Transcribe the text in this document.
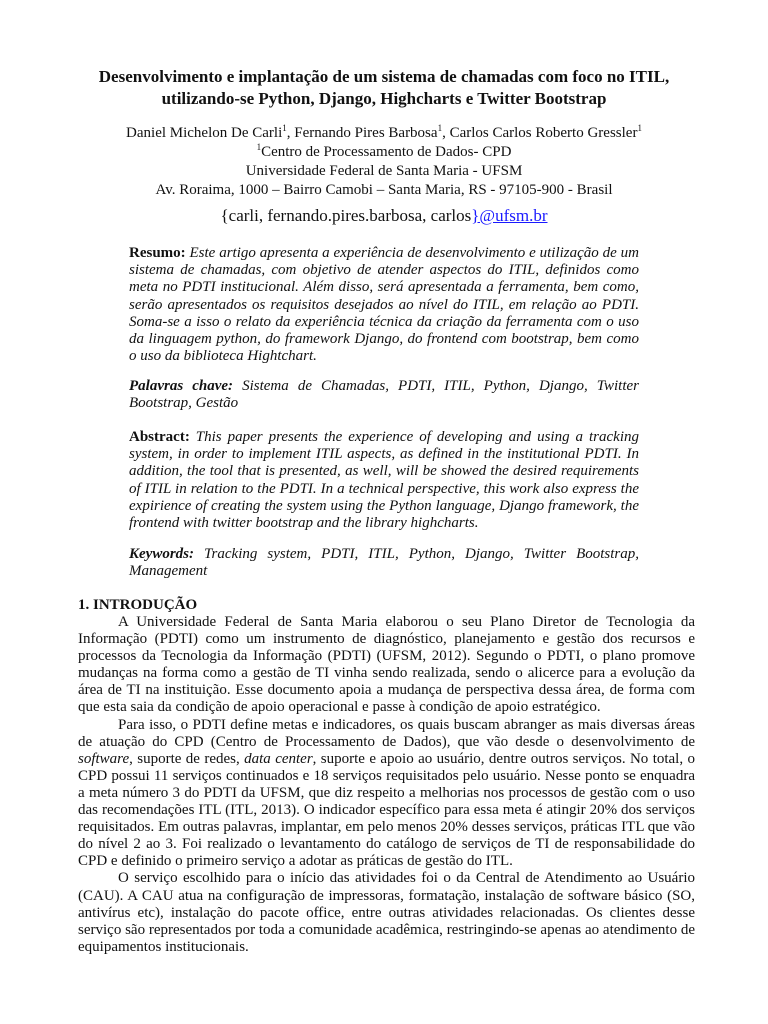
Desenvolvimento e implantação de um sistema de chamadas com foco no ITIL,
utilizando-se Python, Django, Highcharts e Twitter Bootstrap
Daniel Michelon De Carli$^1$, Fernando Pires Barbosa$^1$, Carlos Carlos Roberto Gressler$^1$
$^1$Centro de Processamento de Dados- CPD
Universidade Federal de Santa Maria - UFSM
Av. Roraima, 1000 – Bairro Camobi – Santa Maria, RS - 97105-900 - Brasil
{carli, fernando.pires.barbosa, carlos}@ufsm.br
Resumo: Este artigo apresenta a experiência de desenvolvimento e utilização de um sistema de chamadas, com objetivo de atender aspectos do ITIL, definidos como meta no PDTI institucional. Além disso, será apresentada a ferramenta, bem como, serão apresentados os requisitos desejados ao nível do ITIL, em relação ao PDTI. Soma-se a isso o relato da experiência técnica da criação da ferramenta com o uso da linguagem python, do framework Django, do frontend com bootstrap, bem como o uso da biblioteca Hightchart.
Palavras chave: Sistema de Chamadas, PDTI, ITIL, Python, Django, Twitter Bootstrap, Gestão
Abstract: This paper presents the experience of developing and using a tracking system, in order to implement ITIL aspects, as defined in the institutional PDTI. In addition, the tool that is presented, as well, will be showed the desired requirements of ITIL in relation to the PDTI. In a technical perspective, this work also express the expirience of creating the system using the Python language, Django framework, the frontend with twitter bootstrap and the library highcharts.
Keywords: Tracking system, PDTI, ITIL, Python, Django, Twitter Bootstrap, Management
1. INTRODUÇÃO

A Universidade Federal de Santa Maria elaborou o seu Plano Diretor de Tecnologia da Informação (PDTI) como um instrumento de diagnóstico, planejamento e gestão dos recursos e processos da Tecnologia da Informação (PDTI) (UFSM, 2012). Segundo o PDTI, o plano promove mudanças na forma como a gestão de TI vinha sendo realizada, sendo o alicerce para a evolução da área de TI na instituição. Esse documento apoia a mudança de perspectiva dessa área, de forma com que esta saia da condição de apoio operacional e passe à condição de apoio estratégico.

Para isso, o PDTI define metas e indicadores, os quais buscam abranger as mais diversas áreas de atuação do CPD (Centro de Processamento de Dados), que vão desde o desenvolvimento de software, suporte de redes, data center, suporte e apoio ao usuário, dentre outros serviços. No total, o CPD possui 11 serviços continuados e 18 serviços requisitados pelo usuário. Nesse ponto se enquadra a meta número 3 do PDTI da UFSM, que diz respeito a melhorias nos processos de gestão com o uso das recomendações ITL (ITL, 2013). O indicador específico para essa meta é atingir 20% dos serviços requisitados. Em outras palavras, implantar, em pelo menos 20% desses serviços, práticas ITL que vão do nível 2 ao 3. Foi realizado o levantamento do catálogo de serviços de TI de responsabilidade do CPD e definido o primeiro serviço a adotar as práticas de gestão do ITL.

O serviço escolhido para o início das atividades foi o da Central de Atendimento ao Usuário (CAU). A CAU atua na configuração de impressoras, formatação, instalação de software básico (SO, antivírus etc), instalação do pacote office, entre outras atividades relacionadas. Os clientes desse serviço são representados por toda a comunidade acadêmica, restringindo-se apenas ao atendimento de equipamentos institucionais.
